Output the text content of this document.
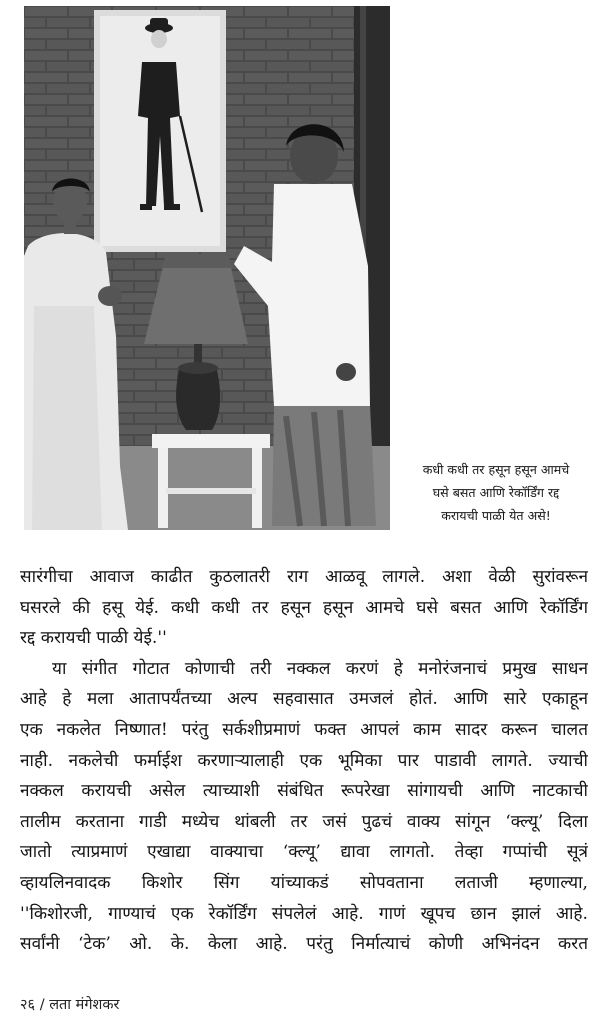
कधी कधी तर हसून हसून आमचे
घसे बसत आणि रेकॉर्डिंग रद्द
करायची पाळी येत असे!
सारंगीचा आवाज काढीत कुठलातरी राग आळवू लागले. अशा वेळी सुरांवरून
घसरले की हसू येई. कधी कधी तर हसून हसून आमचे घसे बसत आणि रेकॉर्डिंग
रद्द करायची पाळी येई.''
या संगीत गोटात कोणाची तरी नक्कल करणं हे मनोरंजनाचं प्रमुख साधन
आहे हे मला आतापर्यंतच्या अल्प सहवासात उमजलं होतं. आणि सारे एकाहून
एक नकलेत निष्णात! परंतु सर्कशीप्रमाणं फक्त आपलं काम सादर करून चालत
नाही. नकलेची फर्माईश करणाऱ्यालाही एक भूमिका पार पाडावी लागते. ज्याची
नक्कल करायची असेल त्याच्याशी संबंधित रूपरेखा सांगायची आणि नाटकाची
तालीम करताना गाडी मध्येच थांबली तर जसं पुढचं वाक्य सांगून ‘क्ल्यू’ दिला
जातो त्याप्रमाणं एखाद्या वाक्याचा ‘क्ल्यू’ द्यावा लागतो. तेव्हा गप्पांची सूत्रं
व्हायलिनवादक किशोर सिंग यांच्याकडं सोपवताना लताजी म्हणाल्या,
''किशोरजी, गाण्याचं एक रेकॉर्डिंग संपलेलं आहे. गाणं खूपच छान झालं आहे.
सर्वांनी ‘टेक’ ओ. के. केला आहे. परंतु निर्मात्याचं कोणी अभिनंदन करत
२६ / लता मंगेशकर
